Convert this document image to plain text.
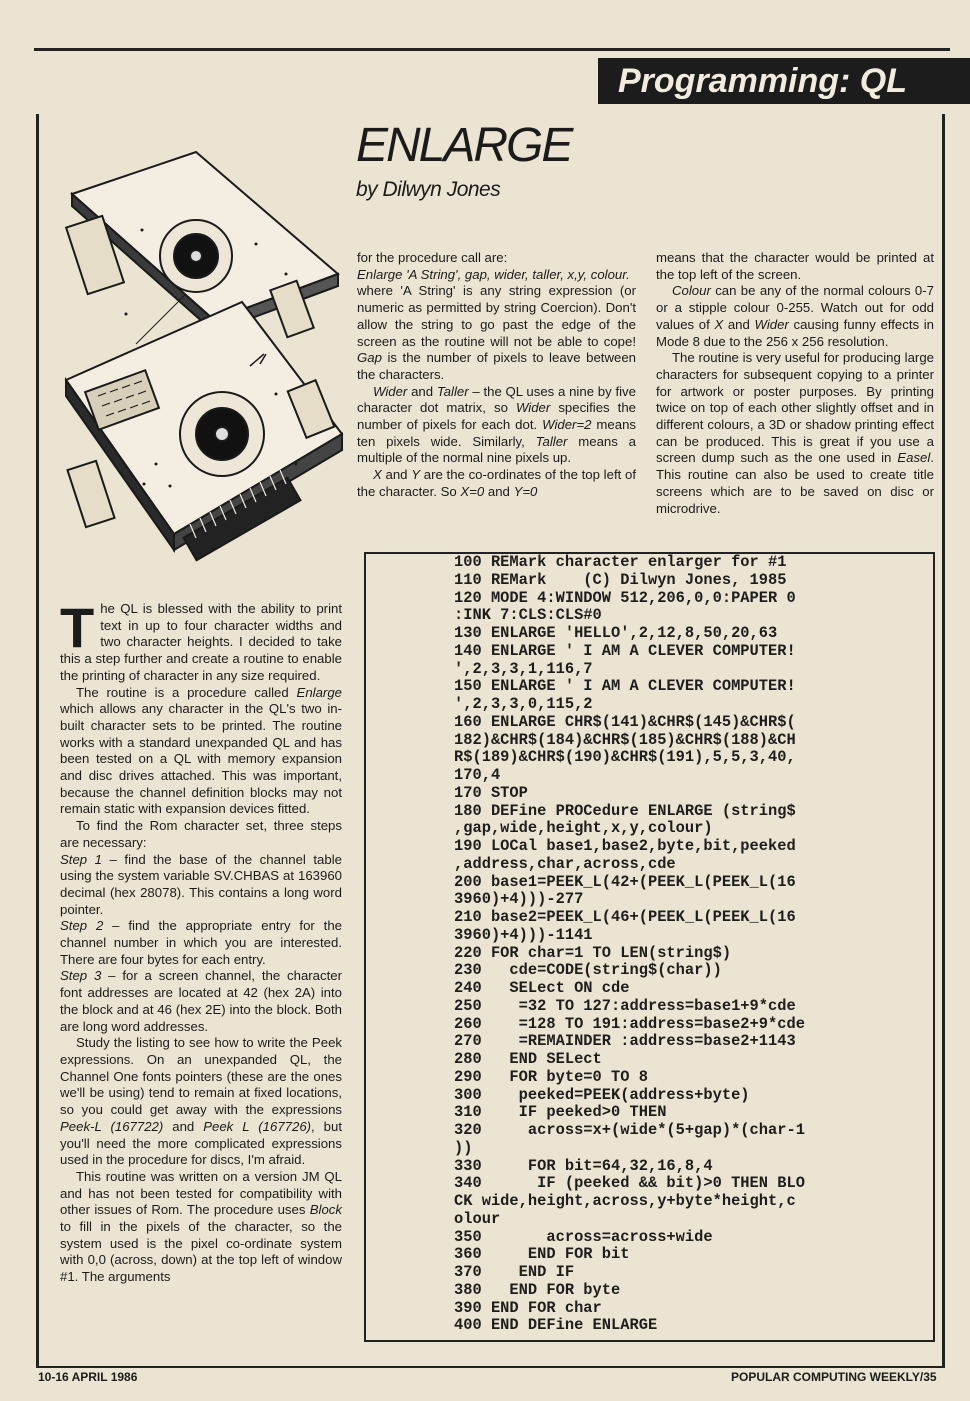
Programming: QL
ENLARGE
by Dilwyn Jones

The QL is blessed with the ability to print text in up to four character widths and two character heights. I decided to take this a step further and create a routine to enable the printing of character in any size required.

The routine is a procedure called Enlarge which allows any character in the QL's two in-built character sets to be printed. The routine works with a standard unexpanded QL and has been tested on a QL with memory expansion and disc drives attached. This was important, because the channel definition blocks may not remain static with expansion devices fitted.

To find the Rom character set, three steps are necessary:

Step 1 – find the base of the channel table using the system variable SV.CHBAS at 163960 decimal (hex 28078). This contains a long word pointer.

Step 2 – find the appropriate entry for the channel number in which you are interested. There are four bytes for each entry.

Step 3 – for a screen channel, the character font addresses are located at 42 (hex 2A) into the block and at 46 (hex 2E) into the block. Both are long word addresses.

Study the listing to see how to write the Peek expressions. On an unexpanded QL, the Channel One fonts pointers (these are the ones we'll be using) tend to remain at fixed locations, so you could get away with the expressions Peek-L (167722) and Peek L (167726), but you'll need the more complicated expressions used in the procedure for discs, I'm afraid.

This routine was written on a version JM QL and has not been tested for compatibility with other issues of Rom. The procedure uses Block to fill in the pixels of the character, so the system used is the pixel co-ordinate system with 0,0 (across, down) at the top left of window #1. The arguments

for the procedure call are:

Enlarge 'A String', gap, wider, taller, x,y, colour.

where 'A String' is any string expression (or numeric as permitted by string Coercion). Don't allow the string to go past the edge of the screen as the routine will not be able to cope! Gap is the number of pixels to leave between the characters.

Wider and Taller – the QL uses a nine by five character dot matrix, so Wider specifies the number of pixels for each dot. Wider=2 means ten pixels wide. Similarly, Taller means a multiple of the normal nine pixels up.

X and Y are the co-ordinates of the top left of the character. So X=0 and Y=0

means that the character would be printed at the top left of the screen.

Colour can be any of the normal colours 0-7 or a stipple colour 0-255. Watch out for odd values of X and Wider causing funny effects in Mode 8 due to the 256 x 256 resolution.

The routine is very useful for producing large characters for subsequent copying to a printer for artwork or poster purposes. By printing twice on top of each other slightly offset and in different colours, a 3D or shadow printing effect can be produced. This is great if you use a screen dump such as the one used in Easel. This routine can also be used to create title screens which are to be saved on disc or microdrive.

100 REMark character enlarger for #1
110 REMark    (C) Dilwyn Jones, 1985
120 MODE 4:WINDOW 512,206,0,0:PAPER 0
:INK 7:CLS:CLS#0
130 ENLARGE 'HELLO',2,12,8,50,20,63
140 ENLARGE ' I AM A CLEVER COMPUTER!
',2,3,3,1,116,7
150 ENLARGE ' I AM A CLEVER COMPUTER!
',2,3,3,0,115,2
160 ENLARGE CHR$(141)&CHR$(145)&CHR$(
182)&CHR$(184)&CHR$(185)&CHR$(188)&CH
R$(189)&CHR$(190)&CHR$(191),5,5,3,40,
170,4
170 STOP
180 DEFine PROCedure ENLARGE (string$
,gap,wide,height,x,y,colour)
190 LOCal base1,base2,byte,bit,peeked
,address,char,across,cde
200 base1=PEEK_L(42+(PEEK_L(PEEK_L(16
3960)+4)))-277
210 base2=PEEK_L(46+(PEEK_L(PEEK_L(16
3960)+4)))-1141
220 FOR char=1 TO LEN(string$)
230   cde=CODE(string$(char))
240   SELect ON cde
250    =32 TO 127:address=base1+9*cde
260    =128 TO 191:address=base2+9*cde
270    =REMAINDER :address=base2+1143
280   END SELect
290   FOR byte=0 TO 8
300    peeked=PEEK(address+byte)
310    IF peeked>0 THEN
320     across=x+(wide*(5+gap)*(char-1
))
330     FOR bit=64,32,16,8,4
340      IF (peeked && bit)>0 THEN BLO
CK wide,height,across,y+byte*height,c
olour
350       across=across+wide
360     END FOR bit
370    END IF
380   END FOR byte
390 END FOR char
400 END DEFine ENLARGE
10-16 APRIL 1986	POPULAR COMPUTING WEEKLY/35
